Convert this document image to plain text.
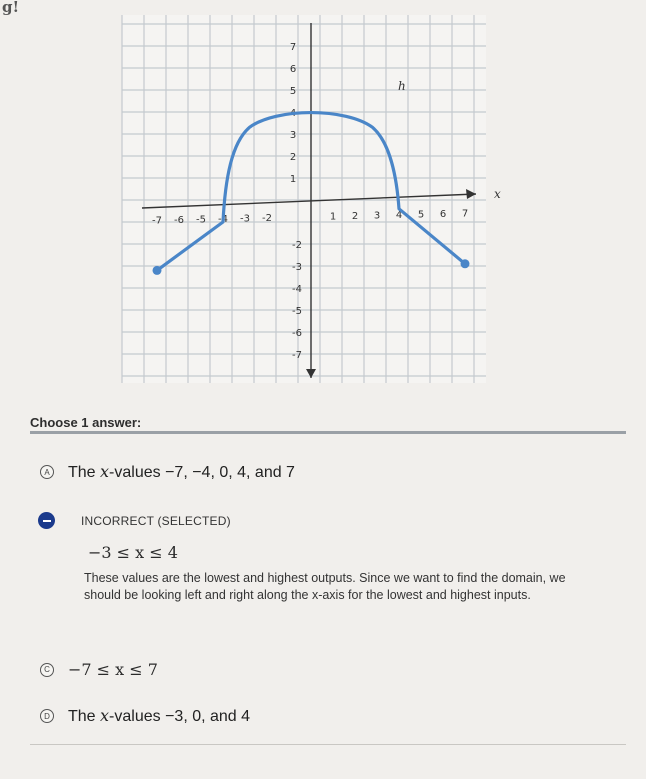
g!
-7 -6 -5 -4 -3 -2	1 2 3 4 5 6 7
7
6
5
4
3
2
1
-2
-3
-4
-5
-6
-7
x
h
Choose 1 answer:
A The x-values −7, −4, 0, 4, and 7
INCORRECT (SELECTED)
−3 ≤ x ≤ 4
These values are the lowest and highest outputs. Since we want to find the domain, we should be looking left and right along the x-axis for the lowest and highest inputs.
C −7 ≤ x ≤ 7
D The x-values −3, 0, and 4
